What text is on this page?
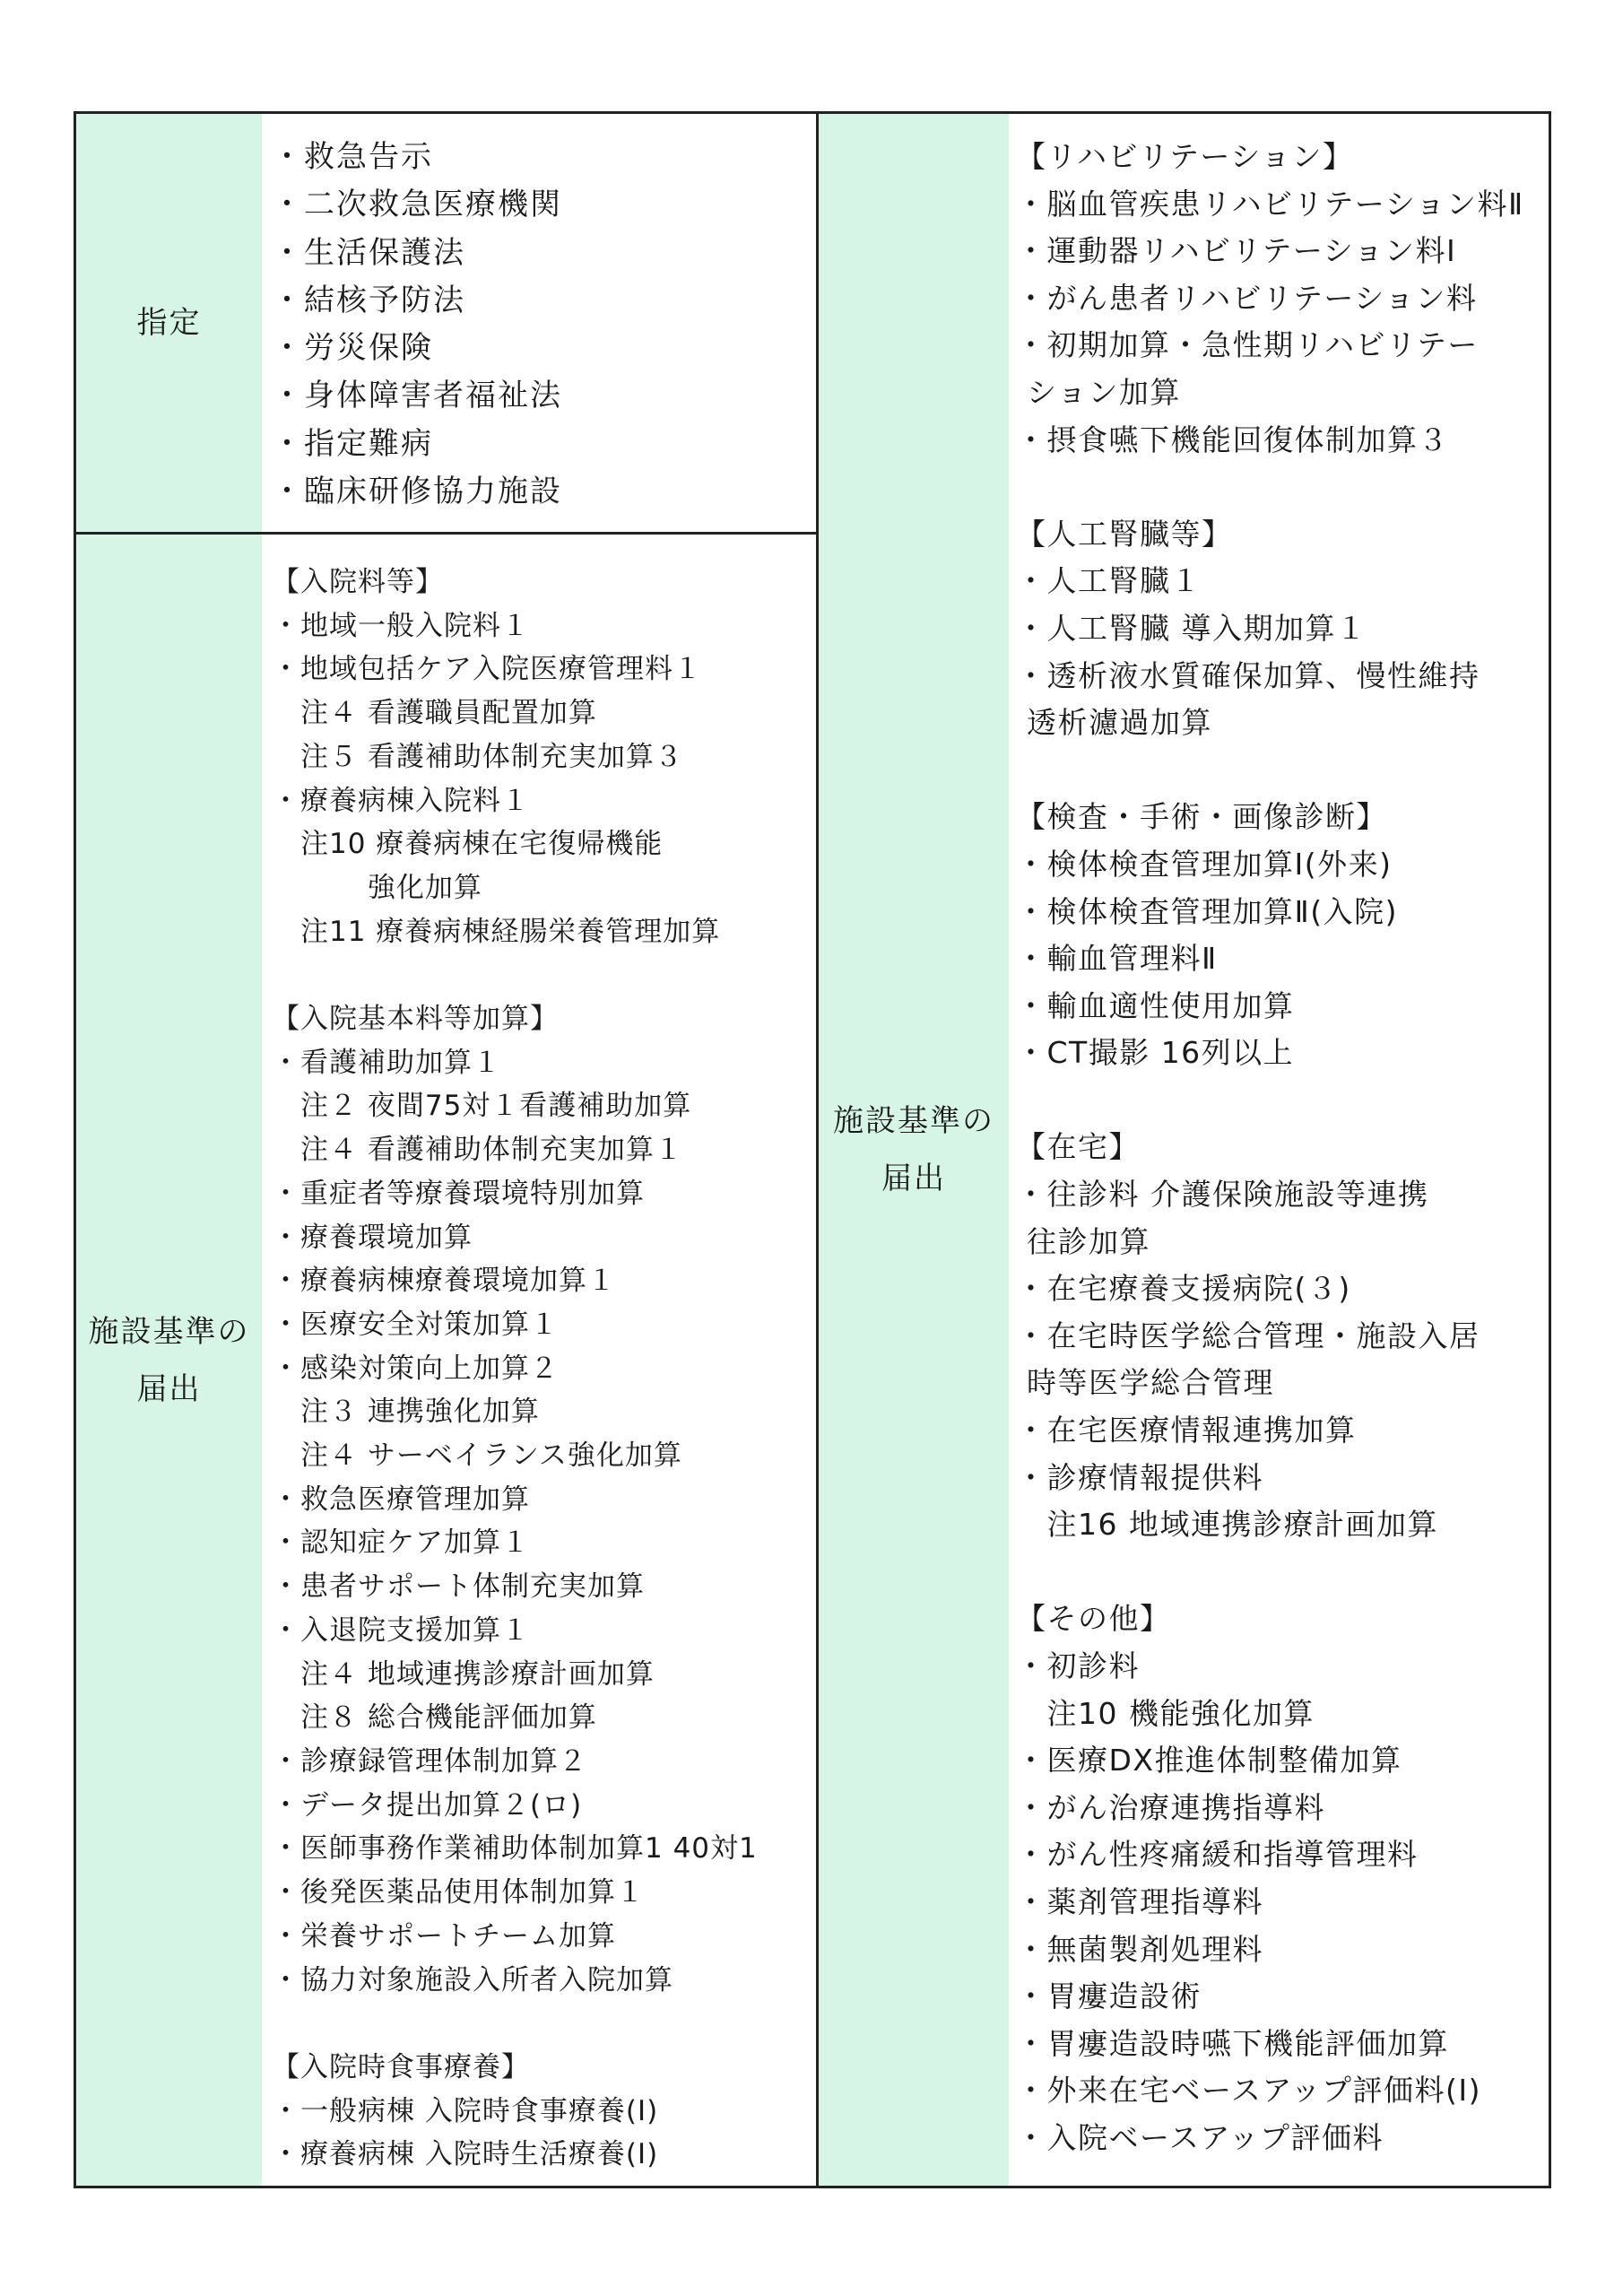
指定
施設基準の
届出
施設基準の
届出
・救急告示
・二次救急医療機関
・生活保護法
・結核予防法
・労災保険
・身体障害者福祉法
・指定難病
・臨床研修協力施設
【入院料等】
・地域一般入院料１
・地域包括ケア入院医療管理料１
　注４ 看護職員配置加算
　注５ 看護補助体制充実加算３
・療養病棟入院料１
　注10 療養病棟在宅復帰機能
　　　 強化加算
　注11 療養病棟経腸栄養管理加算

【入院基本料等加算】
・看護補助加算１
　注２ 夜間75対１看護補助加算
　注４ 看護補助体制充実加算１
・重症者等療養環境特別加算
・療養環境加算
・療養病棟療養環境加算１
・医療安全対策加算１
・感染対策向上加算２
　注３ 連携強化加算
　注４ サーベイランス強化加算
・救急医療管理加算
・認知症ケア加算１
・患者サポート体制充実加算
・入退院支援加算１
　注４ 地域連携診療計画加算
　注８ 総合機能評価加算
・診療録管理体制加算２
・データ提出加算２(ロ)
・医師事務作業補助体制加算1 40対1
・後発医薬品使用体制加算１
・栄養サポートチーム加算
・協力対象施設入所者入院加算

【入院時食事療養】
・一般病棟 入院時食事療養(Ⅰ)
・療養病棟 入院時生活療養(Ⅰ)
【リハビリテーション】
・脳血管疾患リハビリテーション料Ⅱ
・運動器リハビリテーション料Ⅰ
・がん患者リハビリテーション料
・初期加算・急性期リハビリテー
ション加算
・摂食嚥下機能回復体制加算３

【人工腎臓等】
・人工腎臓１
・人工腎臓 導入期加算１
・透析液水質確保加算、慢性維持
透析濾過加算

【検査・手術・画像診断】
・検体検査管理加算Ⅰ(外来)
・検体検査管理加算Ⅱ(入院)
・輸血管理料Ⅱ
・輸血適性使用加算
・CT撮影 16列以上

【在宅】
・往診料 介護保険施設等連携
往診加算
・在宅療養支援病院(３)
・在宅時医学総合管理・施設入居
時等医学総合管理
・在宅医療情報連携加算
・診療情報提供料
　注16 地域連携診療計画加算

【その他】
・初診料
　注10 機能強化加算
・医療DX推進体制整備加算
・がん治療連携指導料
・がん性疼痛緩和指導管理料
・薬剤管理指導料
・無菌製剤処理料
・胃瘻造設術
・胃瘻造設時嚥下機能評価加算
・外来在宅ベースアップ評価料(Ⅰ)
・入院ベースアップ評価料
